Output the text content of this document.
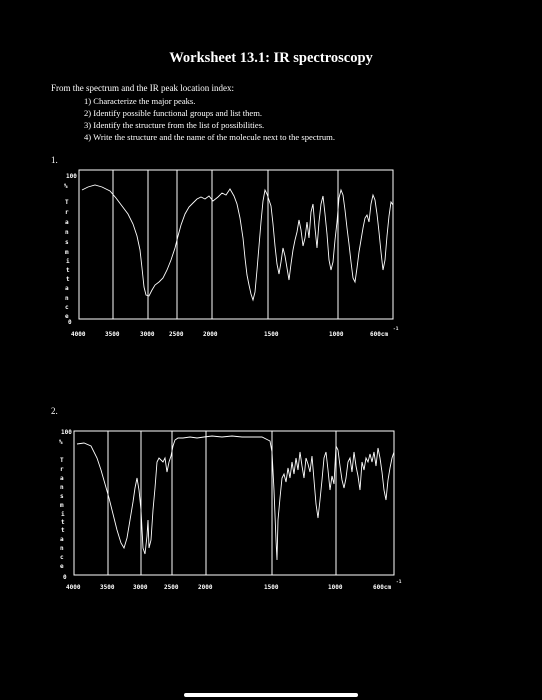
Worksheet 13.1: IR spectroscopy
From the spectrum and the IR peak location index:
1) Characterize the major peaks.
2) Identify possible functional groups and list them.
3) Identify the structure from the list of possibilities.
4) Write the structure and the name of the molecule next to the spectrum.
1.
2.
100
%
T
r
a
n
s
m
i
t
t
a
n
c
e
0
4000	3500	3000 2500	2000	1500	1000	600cm
-1
100
%
T
r
a
n
s
m
i
t
t
a
n
c
e
0
4000	3500	3000	2500	2000	1500	1000	600cm
-1
